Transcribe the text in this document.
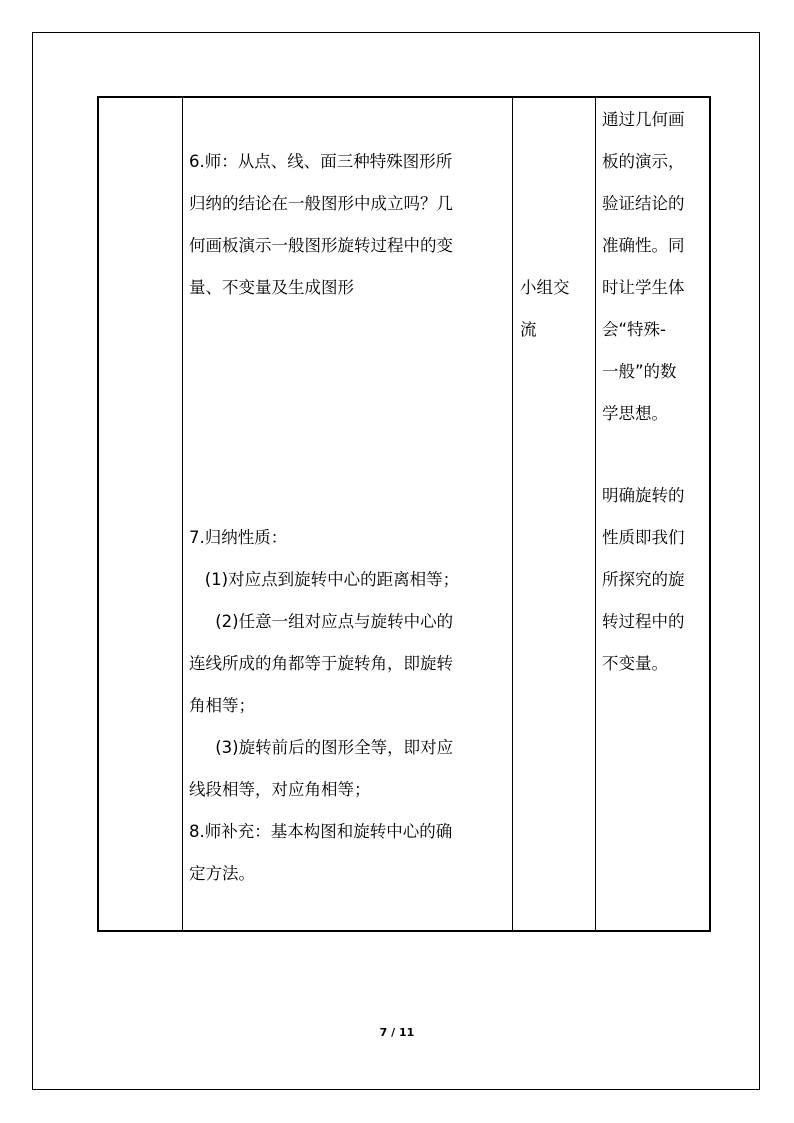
6.师：从点、线、面三种特殊图形所
归纳的结论在一般图形中成立吗？几
何画板演示一般图形旋转过程中的变
量、不变量及生成图形
7.归纳性质：
(1)对应点到旋转中心的距离相等；
(2)任意一组对应点与旋转中心的
连线所成的角都等于旋转角，即旋转
角相等；
(3)旋转前后的图形全等，即对应
线段相等，对应角相等；
8.师补充：基本构图和旋转中心的确
定方法。
小组交
流
通过几何画
板的演示，
验证结论的
准确性。同
时让学生体
会“特殊-
一般”的数
学思想。
明确旋转的
性质即我们
所探究的旋
转过程中的
不变量。
7 / 11
